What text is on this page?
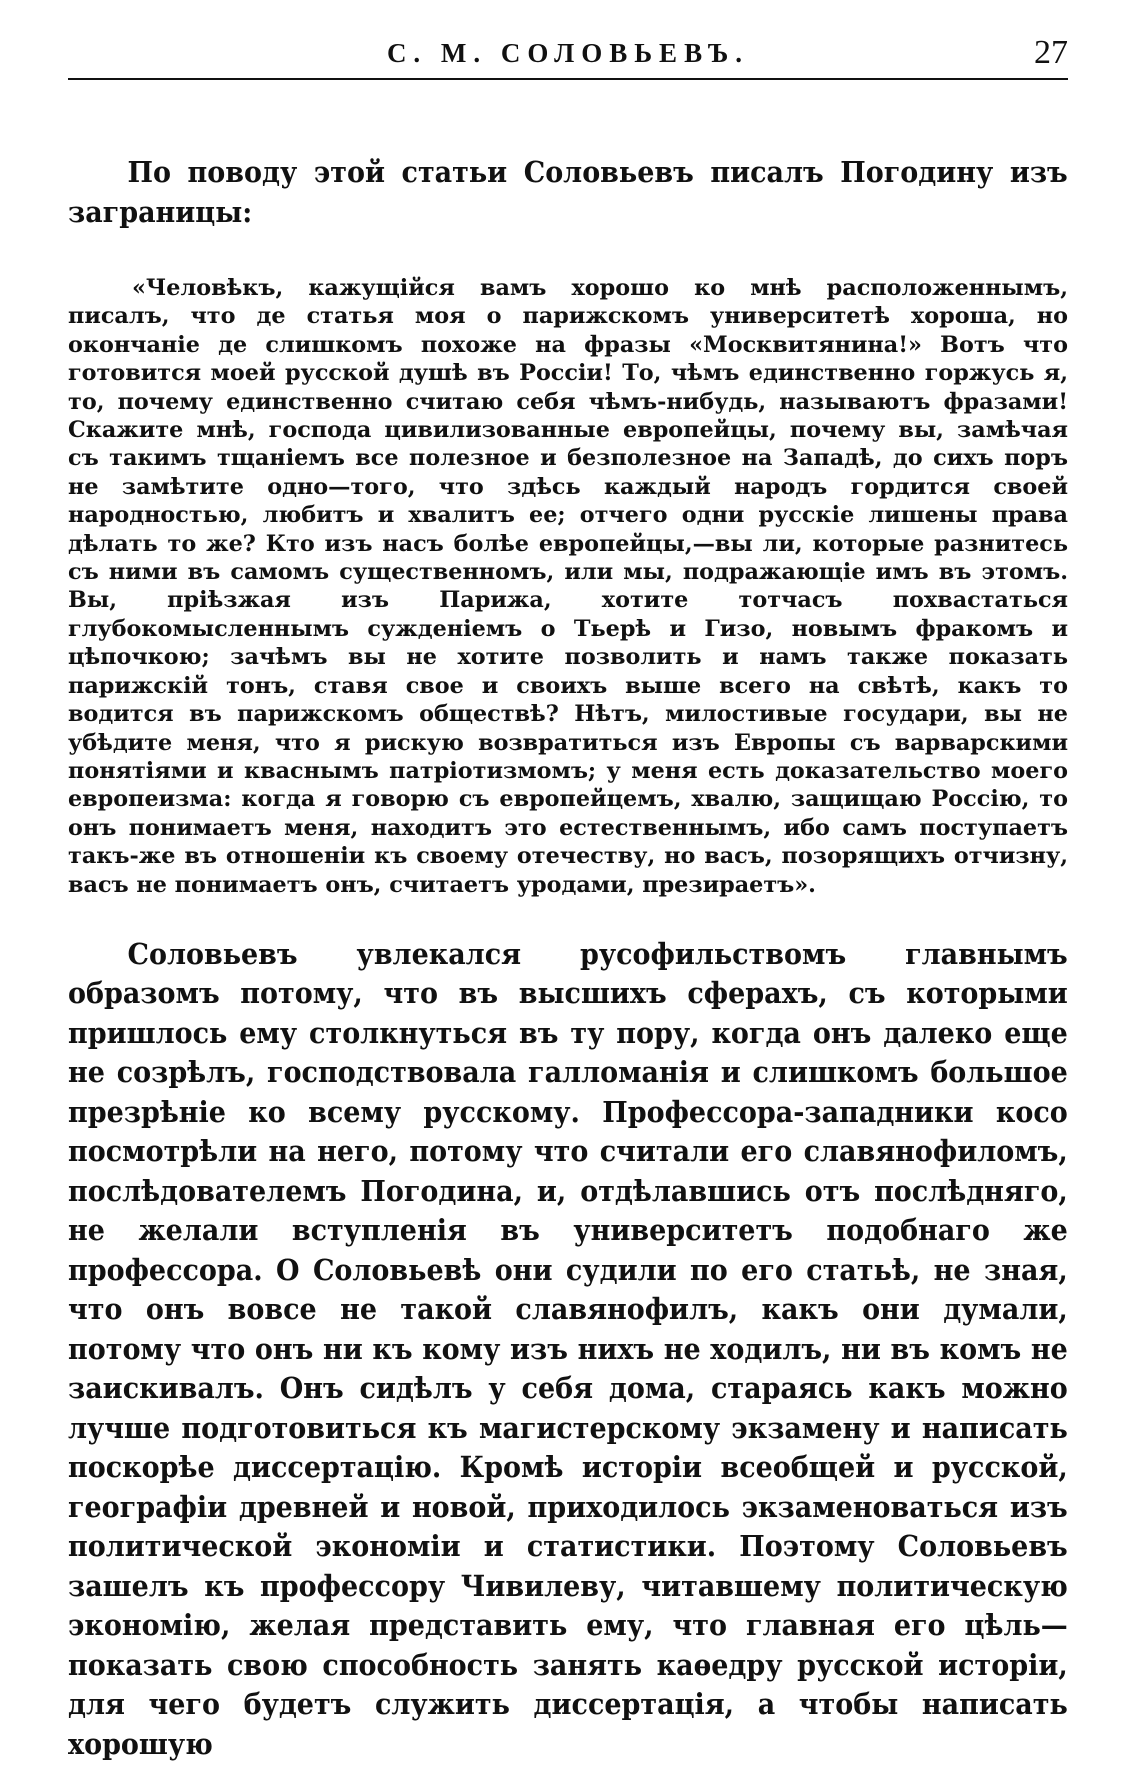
С. М. СОЛОВЬЕВЪ.	27

По поводу этой статьи Соловьевъ писалъ Погодину изъ заграницы:

«Человѣкъ, кажущійся вамъ хорошо ко мнѣ расположеннымъ, писалъ, что де статья моя о парижскомъ университетѣ хороша, но окончаніе де слишкомъ похоже на фразы «Москвитянина!» Вотъ что готовится моей русской душѣ въ Россіи! То, чѣмъ единственно горжусь я, то, почему единственно считаю себя чѣмъ-нибудь, называютъ фразами! Скажите мнѣ, господа цивилизованные европейцы, почему вы, замѣчая съ такимъ тщаніемъ все полезное и безполезное на Западѣ, до сихъ поръ не замѣтите одно—того, что здѣсь каждый народъ гордится своей народностью, любитъ и хвалитъ ее; отчего одни русскіе лишены права дѣлать то же? Кто изъ насъ болѣе европейцы,—вы ли, которые разнитесь съ ними въ самомъ существенномъ, или мы, подражающіе имъ въ этомъ. Вы, пріѣзжая изъ Парижа, хотите тотчасъ похвастаться глубокомысленнымъ сужденіемъ о Тьерѣ и Гизо, новымъ фракомъ и цѣпочкою; зачѣмъ вы не хотите позволить и намъ также показать парижскій тонъ, ставя свое и своихъ выше всего на свѣтѣ, какъ то водится въ парижскомъ обществѣ? Нѣтъ, милостивые государи, вы не убѣдите меня, что я рискую возвратиться изъ Европы съ варварскими понятіями и кваснымъ патріотизмомъ; у меня есть доказательство моего европеизма: когда я говорю съ европейцемъ, хвалю, защищаю Россію, то онъ понимаетъ меня, находитъ это естественнымъ, ибо самъ поступаетъ такъ-же въ отношеніи къ своему отечеству, но васъ, позорящихъ отчизну, васъ не понимаетъ онъ, считаетъ уродами, презираетъ».

Соловьевъ увлекался русофильствомъ главнымъ образомъ потому, что въ высшихъ сферахъ, съ которыми пришлось ему столкнуться въ ту пору, когда онъ далеко еще не созрѣлъ, господствовала галломанія и слишкомъ большое презрѣніе ко всему русскому. Профессора-западники косо посмотрѣли на него, потому что считали его славянофиломъ, послѣдователемъ Погодина, и, отдѣлавшись отъ послѣдняго, не желали вступленія въ университетъ подобнаго же профессора. О Соловьевѣ они судили по его статьѣ, не зная, что онъ вовсе не такой славянофилъ, какъ они думали, потому что онъ ни къ кому изъ нихъ не ходилъ, ни въ комъ не заискивалъ. Онъ сидѣлъ у себя дома, стараясь какъ можно лучше подготовиться къ магистерскому экзамену и написать поскорѣе диссертацію. Кромѣ исторіи всеобщей и русской, географіи древней и новой, приходилось экзаменоваться изъ политической экономіи и статистики. Поэтому Соловьевъ зашелъ къ профессору Чивилеву, читавшему политическую экономію, желая представить ему, что главная его цѣль—показать свою способность занять каѳедру русской исторіи, для чего будетъ служить диссертація, а чтобы написать хорошую
